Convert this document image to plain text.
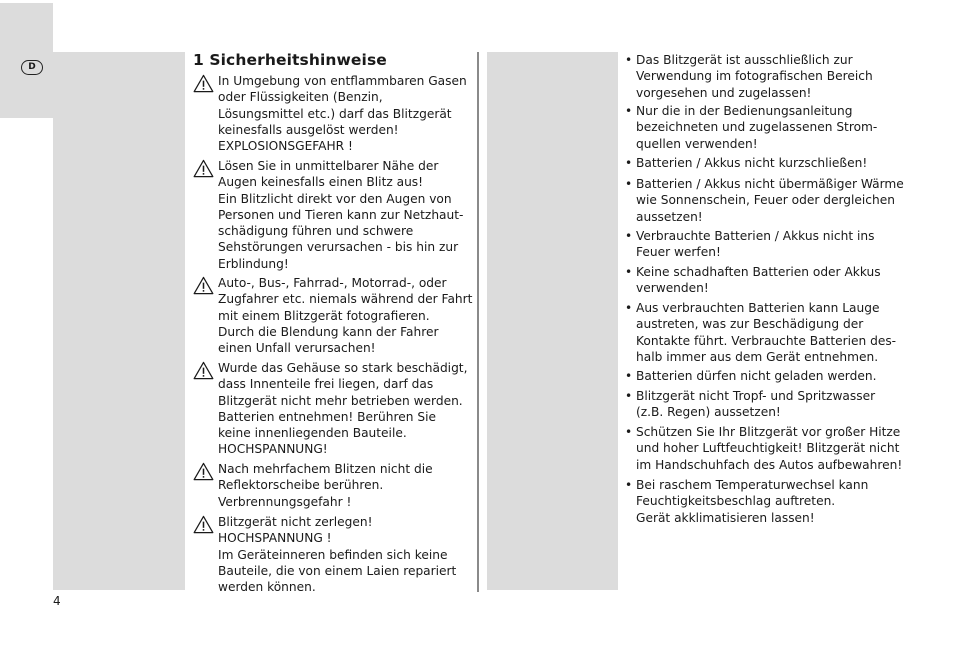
D	1 Sicherheitshinweise
In Umgebung von entflammbaren Gasen
oder Flüssigkeiten (Benzin,
Lösungsmittel etc.) darf das Blitzgerät
keinesfalls ausgelöst werden!
EXPLOSIONSGEFAHR !
Lösen Sie in unmittelbarer Nähe der
Augen keinesfalls einen Blitz aus!
Ein Blitzlicht direkt vor den Augen von
Personen und Tieren kann zur Netzhaut-
schädigung führen und schwere
Sehstörungen verursachen - bis hin zur
Erblindung!
Auto-, Bus-, Fahrrad-, Motorrad-, oder
Zugfahrer etc. niemals während der Fahrt
mit einem Blitzgerät fotografieren.
Durch die Blendung kann der Fahrer
einen Unfall verursachen!
Wurde das Gehäuse so stark beschädigt,
dass Innenteile frei liegen, darf das
Blitzgerät nicht mehr betrieben werden.
Batterien entnehmen! Berühren Sie
keine innenliegenden Bauteile.
HOCHSPANNUNG!
Nach mehrfachem Blitzen nicht die
Reflektorscheibe berühren.
Verbrennungsgefahr !
Blitzgerät nicht zerlegen!
HOCHSPANNUNG !
Im Geräteinneren befinden sich keine
Bauteile, die von einem Laien repariert
werden können.
• Das Blitzgerät ist ausschließlich zur
Verwendung im fotografischen Bereich
vorgesehen und zugelassen!
• Nur die in der Bedienungsanleitung
bezeichneten und zugelassenen Strom-
quellen verwenden!
• Batterien / Akkus nicht kurzschließen!
• Batterien / Akkus nicht übermäßiger Wärme
wie Sonnenschein, Feuer oder dergleichen
aussetzen!
• Verbrauchte Batterien / Akkus nicht ins
Feuer werfen!
• Keine schadhaften Batterien oder Akkus
verwenden!
• Aus verbrauchten Batterien kann Lauge
austreten, was zur Beschädigung der
Kontakte führt. Verbrauchte Batterien des-
halb immer aus dem Gerät entnehmen.
• Batterien dürfen nicht geladen werden.
• Blitzgerät nicht Tropf- und Spritzwasser
(z.B. Regen) aussetzen!
• Schützen Sie Ihr Blitzgerät vor großer Hitze
und hoher Luftfeuchtigkeit! Blitzgerät nicht
im Handschuhfach des Autos aufbewahren!
• Bei raschem Temperaturwechsel kann
Feuchtigkeitsbeschlag auftreten.
Gerät akklimatisieren lassen!
4
